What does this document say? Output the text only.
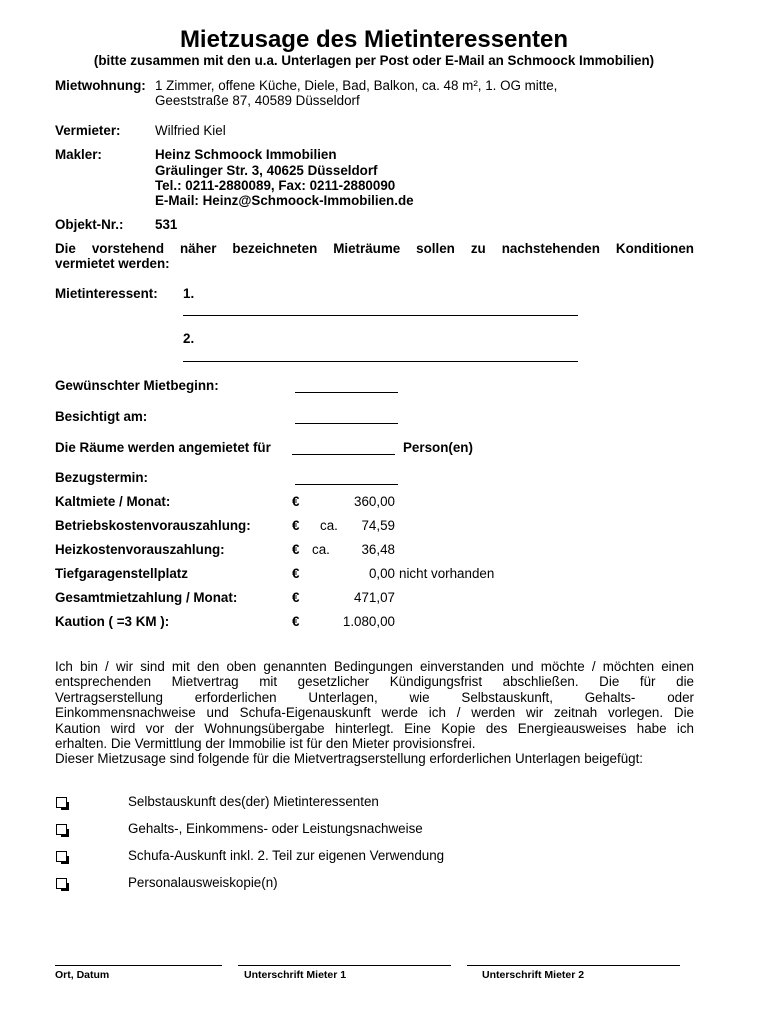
Mietzusage des Mietinteressenten
(bitte zusammen mit den u.a. Unterlagen per Post oder E-Mail an Schmoock Immobilien)
Mietwohnung: 1 Zimmer, offene Küche, Diele, Bad, Balkon, ca. 48 m², 1. OG mitte,
Geeststraße 87, 40589 Düsseldorf
Vermieter:	Wilfried Kiel
Makler:	Heinz Schmoock Immobilien
Gräulinger Str. 3, 40625 Düsseldorf
Tel.: 0211-2880089, Fax: 0211-2880090
E-Mail: Heinz@Schmoock-Immobilien.de
Objekt-Nr.: 531
Die vorstehend näher bezeichneten Mieträume sollen zu nachstehenden Konditionen
vermietet werden:
Mietinteressent: 1.
2.
Gewünschter Mietbeginn:
Besichtigt am:
Die Räume werden angemietet für	Person(en)
Bezugstermin:
Kaltmiete / Monat:	€	360,00
Betriebskostenvorauszahlung:	€ ca.	74,59
Heizkostenvorauszahlung:	€ ca.	36,48
Tiefgaragenstellplatz	€	0,00 nicht vorhanden
Gesamtmietzahlung / Monat:	€	471,07
Kaution ( =3 KM ):	€	1.080,00
Ich bin / wir sind mit den oben genannten Bedingungen einverstanden und möchte / möchten einen
entsprechenden Mietvertrag mit gesetzlicher Kündigungsfrist abschließen. Die für die
Vertragserstellung erforderlichen Unterlagen, wie Selbstauskunft, Gehalts- oder
Einkommensnachweise und Schufa-Eigenauskunft werde ich / werden wir zeitnah vorlegen. Die
Kaution wird vor der Wohnungsübergabe hinterlegt. Eine Kopie des Energieausweises habe ich
erhalten. Die Vermittlung der Immobilie ist für den Mieter provisionsfrei.
Dieser Mietzusage sind folgende für die Mietvertragserstellung erforderlichen Unterlagen beigefügt:
Selbstauskunft des(der) Mietinteressenten
Gehalts-, Einkommens- oder Leistungsnachweise
Schufa-Auskunft inkl. 2. Teil zur eigenen Verwendung
Personalausweiskopie(n)
Ort, Datum	Unterschrift Mieter 1	Unterschrift Mieter 2
